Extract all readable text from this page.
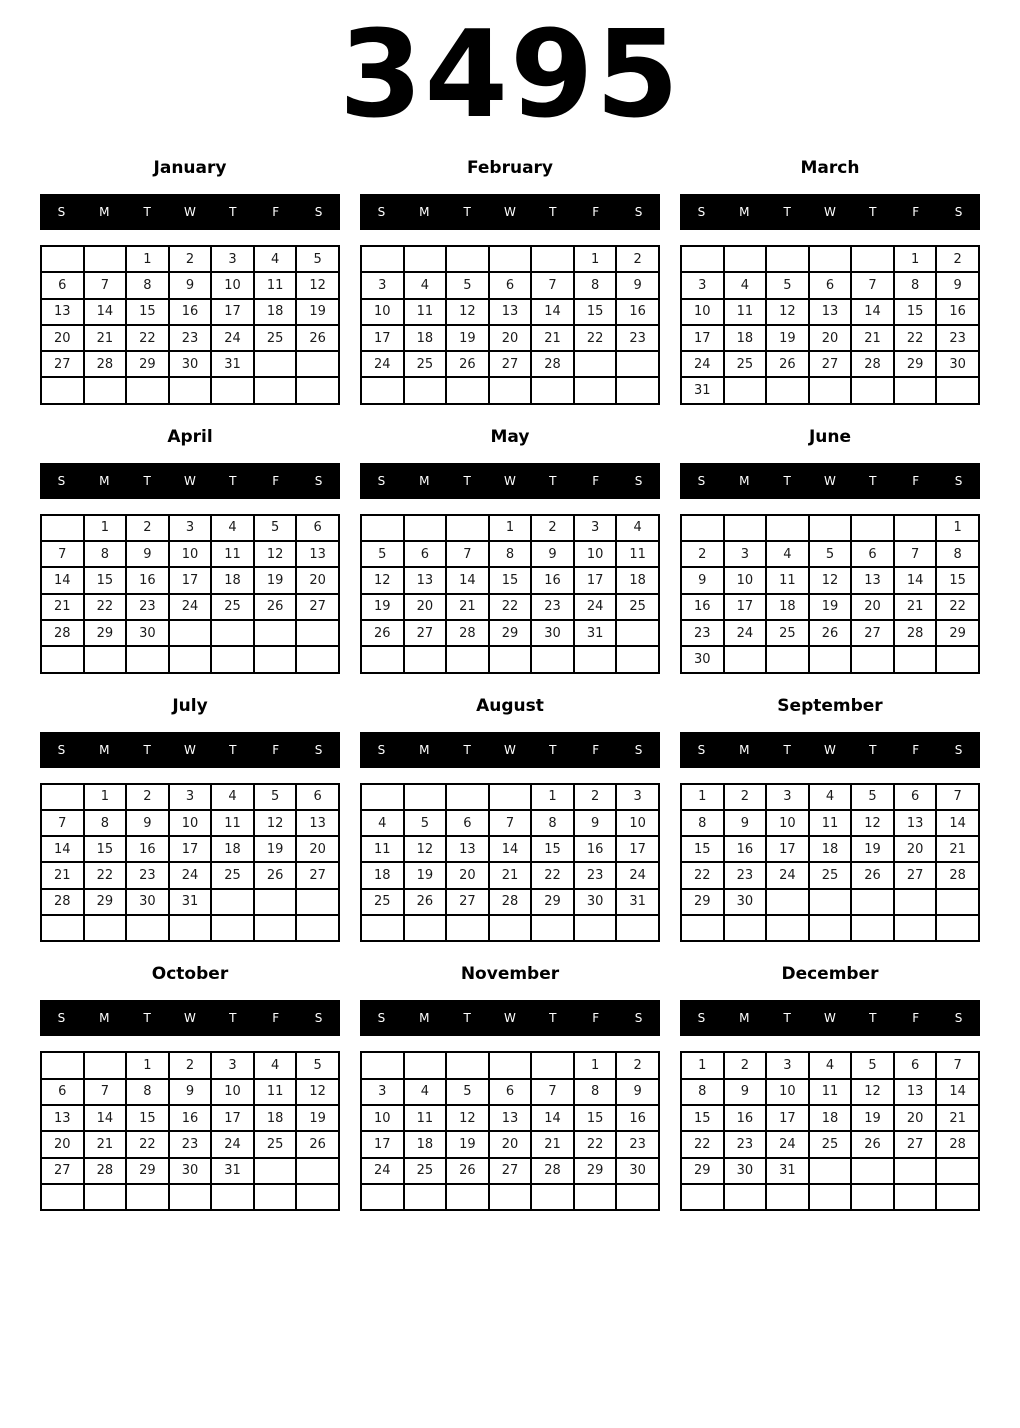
3495
January
S	M	T	W	T	F	S
		1	2	3	4	5
6	7	8	9	10	11	12
13	14	15	16	17	18	19
20	21	22	23	24	25	26
27	28	29	30	31		

February
S	M	T	W	T	F	S
					1	2
3	4	5	6	7	8	9
10	11	12	13	14	15	16
17	18	19	20	21	22	23
24	25	26	27	28		

March
S	M	T	W	T	F	S
					1	2
3	4	5	6	7	8	9
10	11	12	13	14	15	16
17	18	19	20	21	22	23
24	25	26	27	28	29	30
31						
April
S	M	T	W	T	F	S
	1	2	3	4	5	6
7	8	9	10	11	12	13
14	15	16	17	18	19	20
21	22	23	24	25	26	27
28	29	30				

May
S	M	T	W	T	F	S
			1	2	3	4
5	6	7	8	9	10	11
12	13	14	15	16	17	18
19	20	21	22	23	24	25
26	27	28	29	30	31	

June
S	M	T	W	T	F	S
						1
2	3	4	5	6	7	8
9	10	11	12	13	14	15
16	17	18	19	20	21	22
23	24	25	26	27	28	29
30						
July
S	M	T	W	T	F	S
	1	2	3	4	5	6
7	8	9	10	11	12	13
14	15	16	17	18	19	20
21	22	23	24	25	26	27
28	29	30	31			

August
S	M	T	W	T	F	S
				1	2	3
4	5	6	7	8	9	10
11	12	13	14	15	16	17
18	19	20	21	22	23	24
25	26	27	28	29	30	31

September
S	M	T	W	T	F	S
1	2	3	4	5	6	7
8	9	10	11	12	13	14
15	16	17	18	19	20	21
22	23	24	25	26	27	28
29	30					

October
S	M	T	W	T	F	S
		1	2	3	4	5
6	7	8	9	10	11	12
13	14	15	16	17	18	19
20	21	22	23	24	25	26
27	28	29	30	31		

November
S	M	T	W	T	F	S
					1	2
3	4	5	6	7	8	9
10	11	12	13	14	15	16
17	18	19	20	21	22	23
24	25	26	27	28	29	30

December
S	M	T	W	T	F	S
1	2	3	4	5	6	7
8	9	10	11	12	13	14
15	16	17	18	19	20	21
22	23	24	25	26	27	28
29	30	31				
